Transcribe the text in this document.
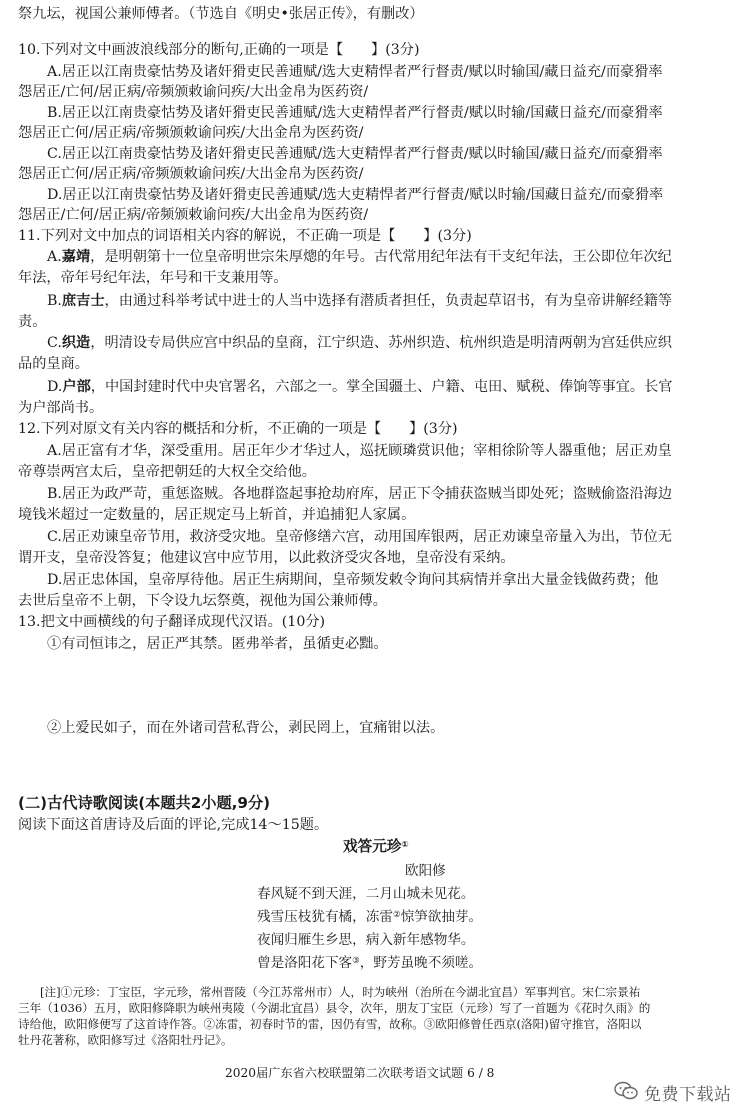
祭九坛，视国公兼师傅者。（节选自《明史•张居正传》，有删改）
10.下列对文中画波浪线部分的断句,正确的一项是【 】(3分)
A.居正以江南贵豪怙势及诸奸猾吏民善逋赋/选大吏精悍者严行督责/赋以时输国/藏日益充/而豪猾率
怨居正/亡何/居正病/帝频颁敕谕问疾/大出金帛为医药资/
B.居正以江南贵豪怙势及诸奸猾吏民善逋赋/选大吏精悍者严行督责/赋以时输/国藏日益充/而豪猾率
怨居正亡何/居正病/帝频颁敕谕问疾/大出金帛为医药资/
C.居正以江南贵豪怙势及诸奸猾吏民善逋赋/选大吏精悍者严行督责/赋以时输国/藏日益充/而豪猾率
怨居正亡何/居正病/帝频颁敕谕问疾/大出金帛为医药资/
D.居正以江南贵豪怙势及诸奸猾吏民善逋赋/选大吏精悍者严行督责/赋以时输/国藏日益充/而豪猾率
怨居正/亡何/居正病/帝频颁敕谕问疾/大出金帛为医药资/
11.下列对文中加点的词语相关内容的解说，不正确一项是【 】(3分)
A.嘉靖，是明朝第十一位皇帝明世宗朱厚熜的年号。古代常用纪年法有干支纪年法，王公即位年次纪
年法，帝年号纪年法，年号和干支兼用等。
B.庶吉士，由通过科举考试中进士的人当中选择有潜质者担任，负责起草诏书，有为皇帝讲解经籍等
责。
C.织造，明清设专局供应宫中织品的皇商，江宁织造、苏州织造、杭州织造是明清两朝为宫廷供应织
品的皇商。
D.户部，中国封建时代中央官署名，六部之一。掌全国疆土、户籍、屯田、赋税、俸饷等事宜。长官
为户部尚书。
12.下列对原文有关内容的概括和分析，不正确的一项是【 】(3分)
A.居正富有才华，深受重用。居正年少才华过人，巡抚顾璘赏识他；宰相徐阶等人器重他；居正劝皇
帝尊崇两宫太后，皇帝把朝廷的大权全交给他。
B.居正为政严苛，重惩盗贼。各地群盗起事抢劫府库，居正下令捕获盗贼当即处死；盗贼偷盗沿海边
境钱米超过一定数量的，居正规定马上斩首，并追捕犯人家属。
C.居正劝谏皇帝节用，救济受灾地。皇帝修缮六宫，动用国库银两，居正劝谏皇帝量入为出，节位无
谓开支，皇帝没答复；他建议宫中应节用，以此救济受灾各地，皇帝没有采纳。
D.居正忠体国，皇帝厚待他。居正生病期间，皇帝频发敕令询问其病情并拿出大量金钱做药费；他
去世后皇帝不上朝，下令设九坛祭奠，视他为国公兼师傅。
13.把文中画横线的句子翻译成现代汉语。(10分)
①有司恒讳之，居正严其禁。匿弗举者，虽循吏必黜。
②上爱民如子，而在外诸司营私背公，剥民罔上，宜痛钳以法。
(二)古代诗歌阅读(本题共2小题,9分)
阅读下面这首唐诗及后面的评论,完成14～15题。
戏答元珍①
欧阳修
春风疑不到天涯，二月山城未见花。
残雪压枝犹有橘，冻雷②惊笋欲抽芽。
夜闻归雁生乡思，病入新年感物华。
曾是洛阳花下客③，野芳虽晚不须嗟。
[注]①元珍：丁宝臣，字元珍，常州晋陵（今江苏常州市）人，时为峡州（治所在今湖北宜昌）军事判官。宋仁宗景祐
三年（1036）五月，欧阳修降职为峡州夷陵（今湖北宜昌）县令，次年，朋友丁宝臣（元珍）写了一首题为《花时久雨》的
诗给他，欧阳修便写了这首诗作答。②冻雷，初春时节的雷，因仍有雪，故称。③欧阳修曾任西京(洛阳)留守推官，洛阳以
牡丹花著称，欧阳修写过《洛阳牡丹记》。
2020届广东省六校联盟第二次联考语文试题 6 / 8
免费下载站
